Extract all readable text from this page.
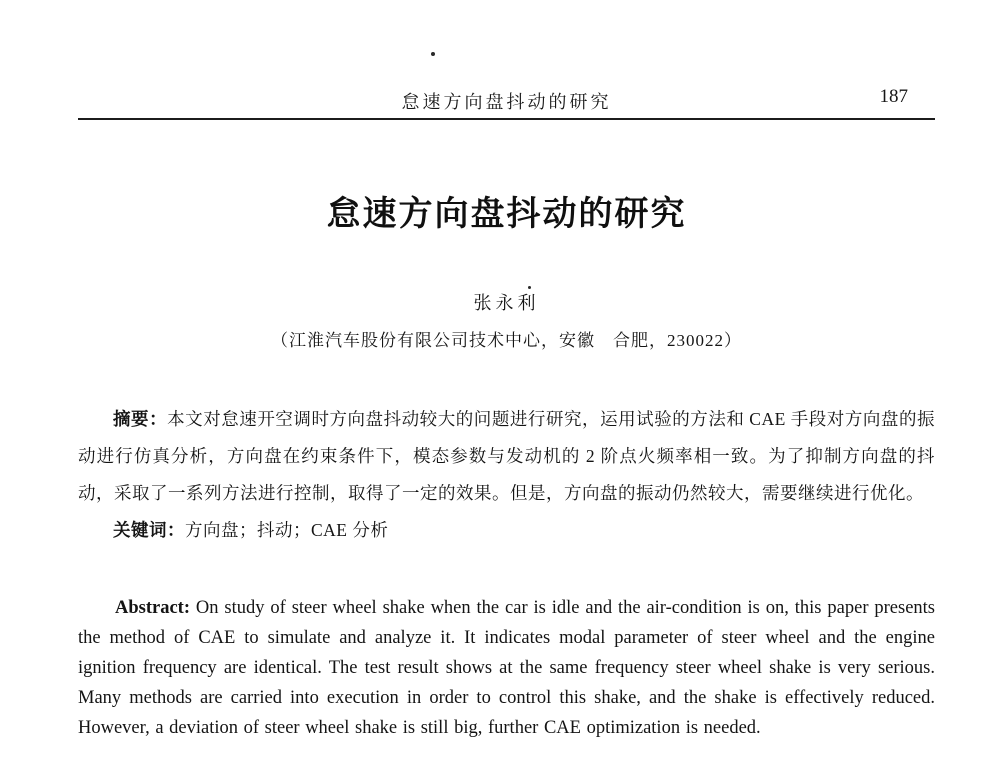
怠速方向盘抖动的研究	187
怠速方向盘抖动的研究
张永利
（江淮汽车股份有限公司技术中心，安徽　合肥，230022）

摘要：本文对怠速开空调时方向盘抖动较大的问题进行研究，运用试验的方法和 CAE 手段对方向盘的振动进行仿真分析，方向盘在约束条件下，模态参数与发动机的 2 阶点火频率相一致。为了抑制方向盘的抖动，采取了一系列方法进行控制，取得了一定的效果。但是，方向盘的振动仍然较大，需要继续进行优化。

关键词：方向盘；抖动；CAE 分析

Abstract: On study of steer wheel shake when the car is idle and the air-condition is on, this paper presents the method of CAE to simulate and analyze it. It indicates modal parameter of steer wheel and the engine ignition frequency are identical. The test result shows at the same frequency steer wheel shake is very serious. Many methods are carried into execution in order to control this shake, and the shake is effectively reduced. However, a deviation of steer wheel shake is still big, further CAE optimization is needed.
